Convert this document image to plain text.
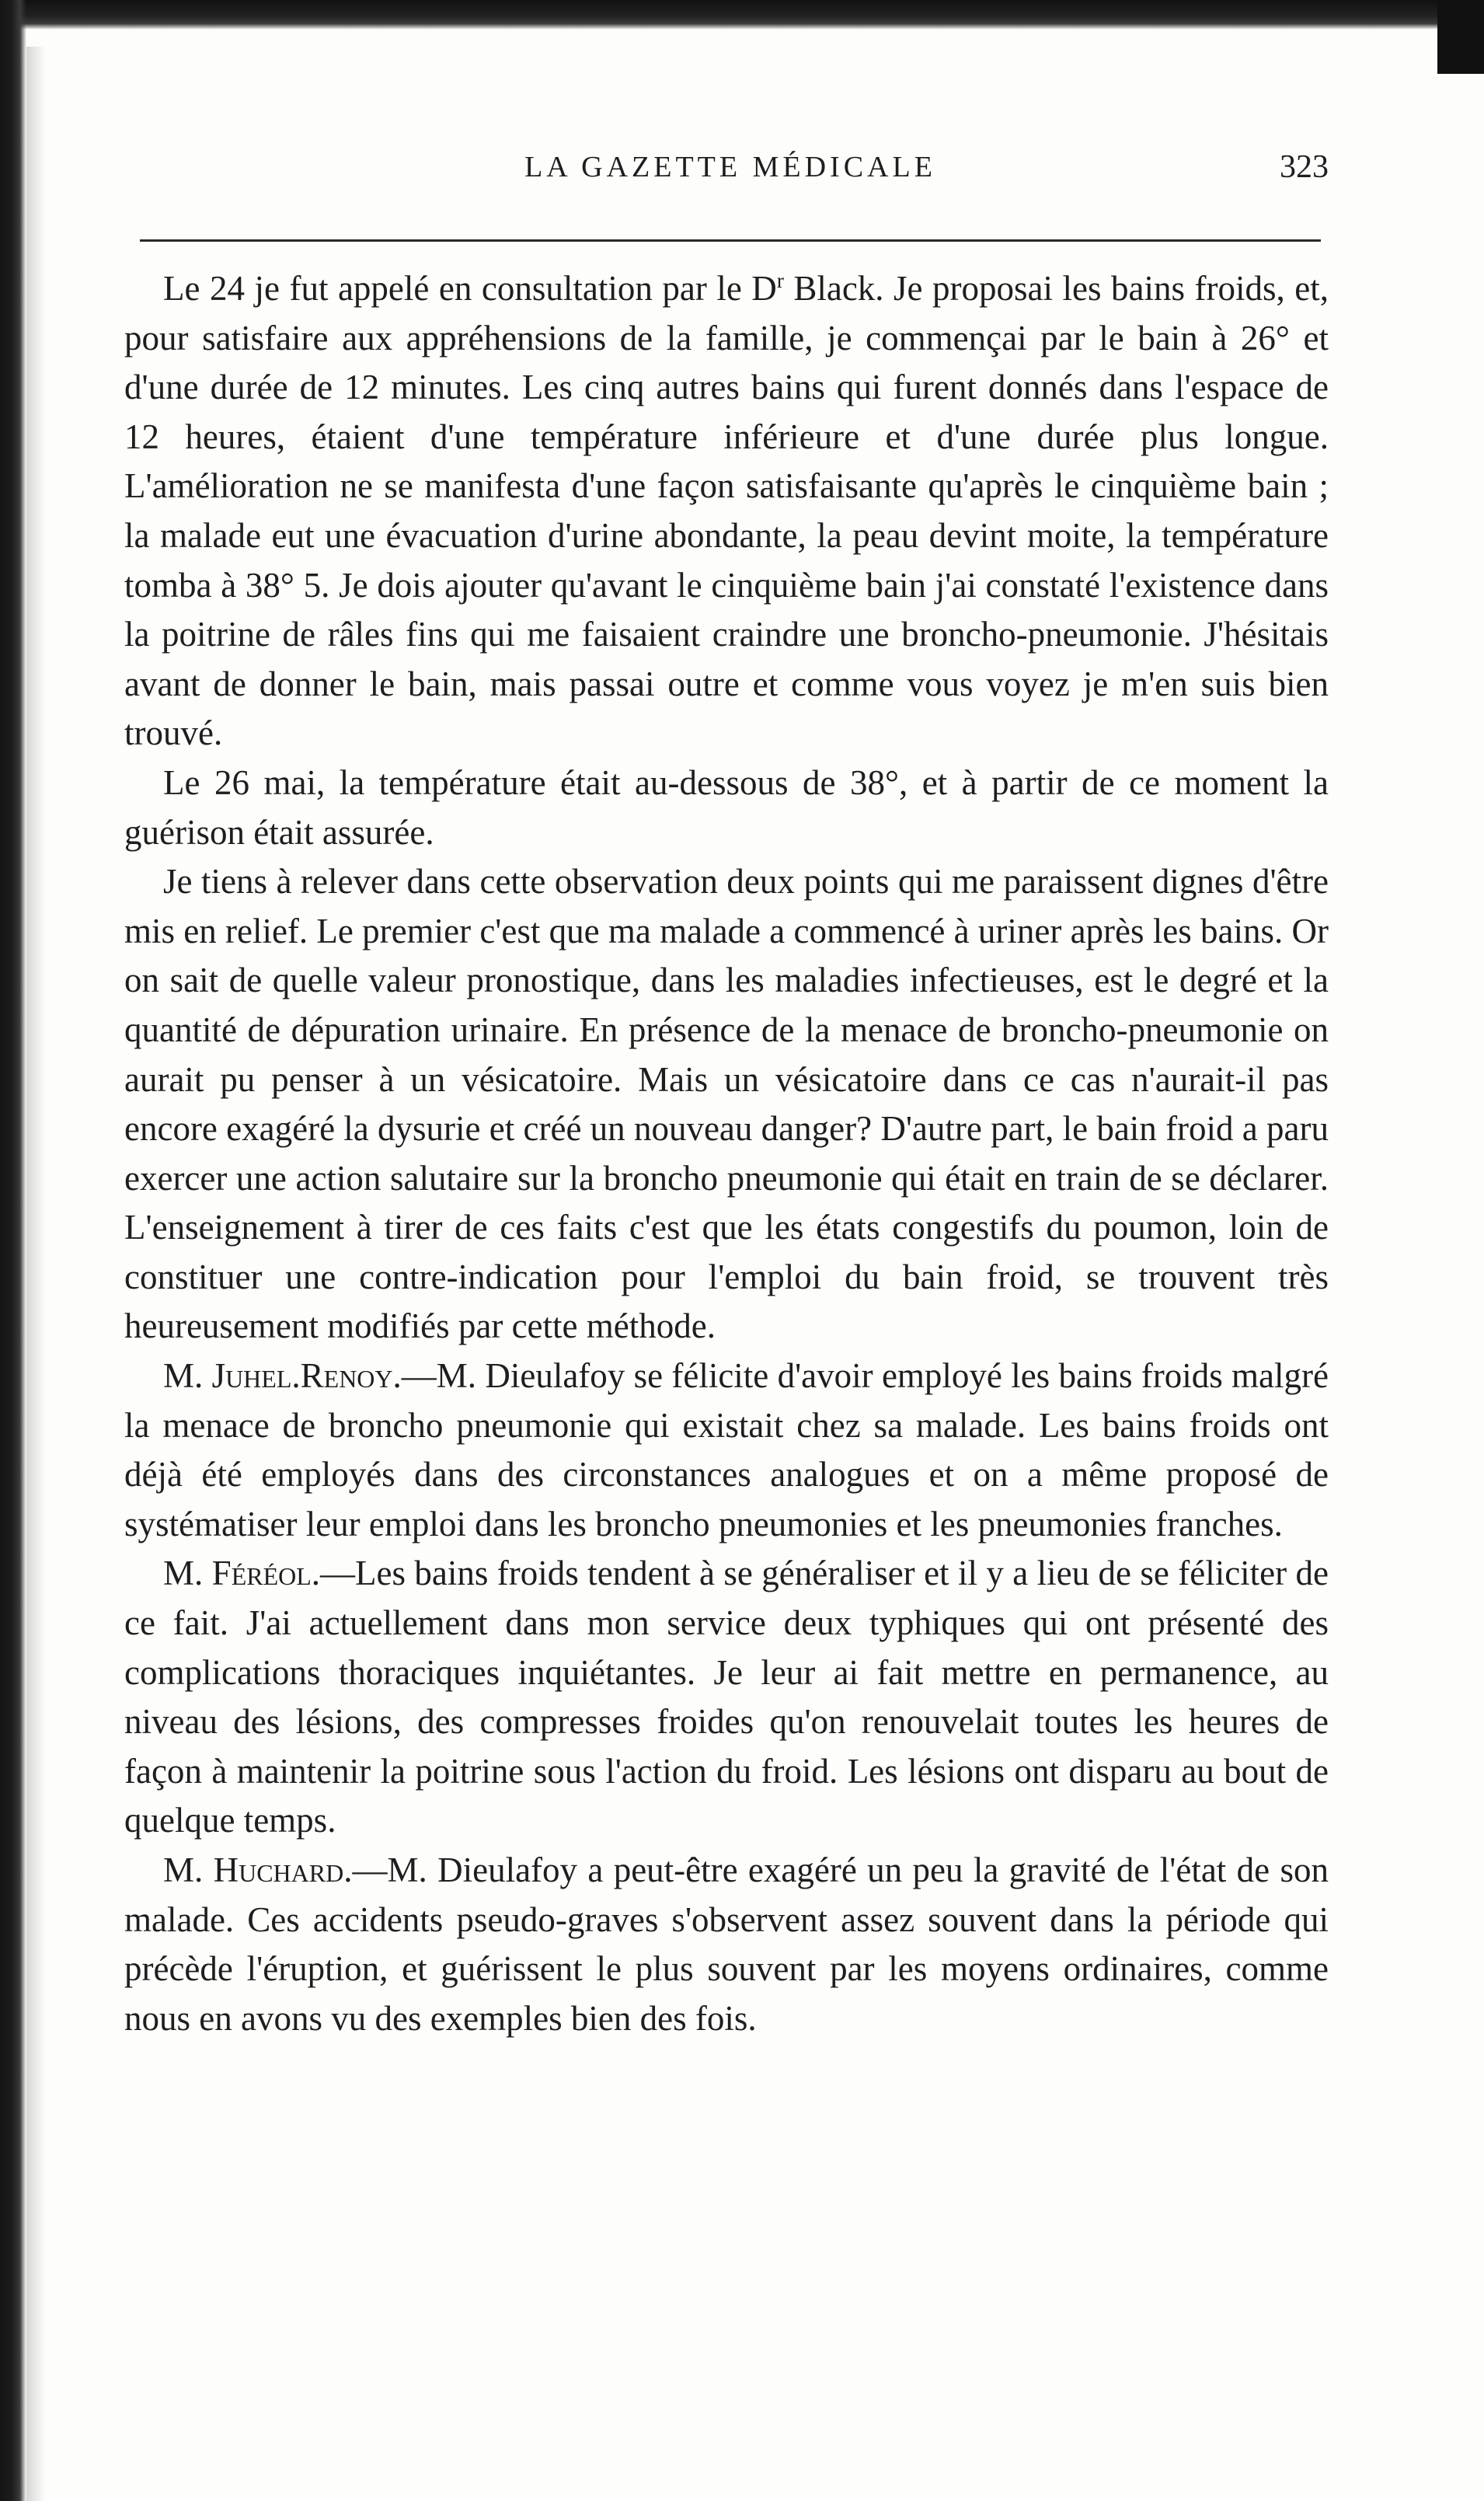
LA GAZETTE MÉDICALE	323

Le 24 je fut appelé en consultation par le $D^r$ Black. Je proposai les bains froids, et, pour satisfaire aux appréhensions de la famille, je commençai par le bain à 26° et d'une durée de 12 minutes. Les cinq autres bains qui furent donnés dans l'espace de 12 heures, étaient d'une température inférieure et d'une durée plus longue. L'amélioration ne se manifesta d'une façon satisfaisante qu'après le cinquième bain ; la malade eut une évacuation d'urine abondante, la peau devint moite, la température tomba à 38° 5. Je dois ajouter qu'avant le cinquième bain j'ai constaté l'existence dans la poitrine de râles fins qui me faisaient craindre une broncho-pneumonie. J'hésitais avant de donner le bain, mais passai outre et comme vous voyez je m'en suis bien trouvé.

Le 26 mai, la température était au-dessous de 38°, et à partir de ce moment la guérison était assurée.

Je tiens à relever dans cette observation deux points qui me paraissent dignes d'être mis en relief. Le premier c'est que ma malade a commencé à uriner après les bains. Or on sait de quelle valeur pronostique, dans les maladies infectieuses, est le degré et la quantité de dépuration urinaire. En présence de la menace de broncho-pneumonie on aurait pu penser à un vésicatoire. Mais un vésicatoire dans ce cas n'aurait-il pas encore exagéré la dysurie et créé un nouveau danger? D'autre part, le bain froid a paru exercer une action salutaire sur la broncho pneumonie qui était en train de se déclarer. L'enseignement à tirer de ces faits c'est que les états congestifs du poumon, loin de constituer une contre-indication pour l'emploi du bain froid, se trouvent très heureusement modifiés par cette méthode.

M. Juhel.Renoy.—M. Dieulafoy se félicite d'avoir employé les bains froids malgré la menace de broncho pneumonie qui existait chez sa malade. Les bains froids ont déjà été employés dans des circonstances analogues et on a même proposé de systématiser leur emploi dans les broncho pneumonies et les pneumonies franches.

M. Féréol.—Les bains froids tendent à se généraliser et il y a lieu de se féliciter de ce fait. J'ai actuellement dans mon service deux typhiques qui ont présenté des complications thoraciques inquiétantes. Je leur ai fait mettre en permanence, au niveau des lésions, des compresses froides qu'on renouvelait toutes les heures de façon à maintenir la poitrine sous l'action du froid. Les lésions ont disparu au bout de quelque temps.

M. Huchard.—M. Dieulafoy a peut-être exagéré un peu la gravité de l'état de son malade. Ces accidents pseudo-graves s'observent assez souvent dans la période qui précède l'éruption, et guérissent le plus souvent par les moyens ordinaires, comme nous en avons vu des exemples bien des fois.
